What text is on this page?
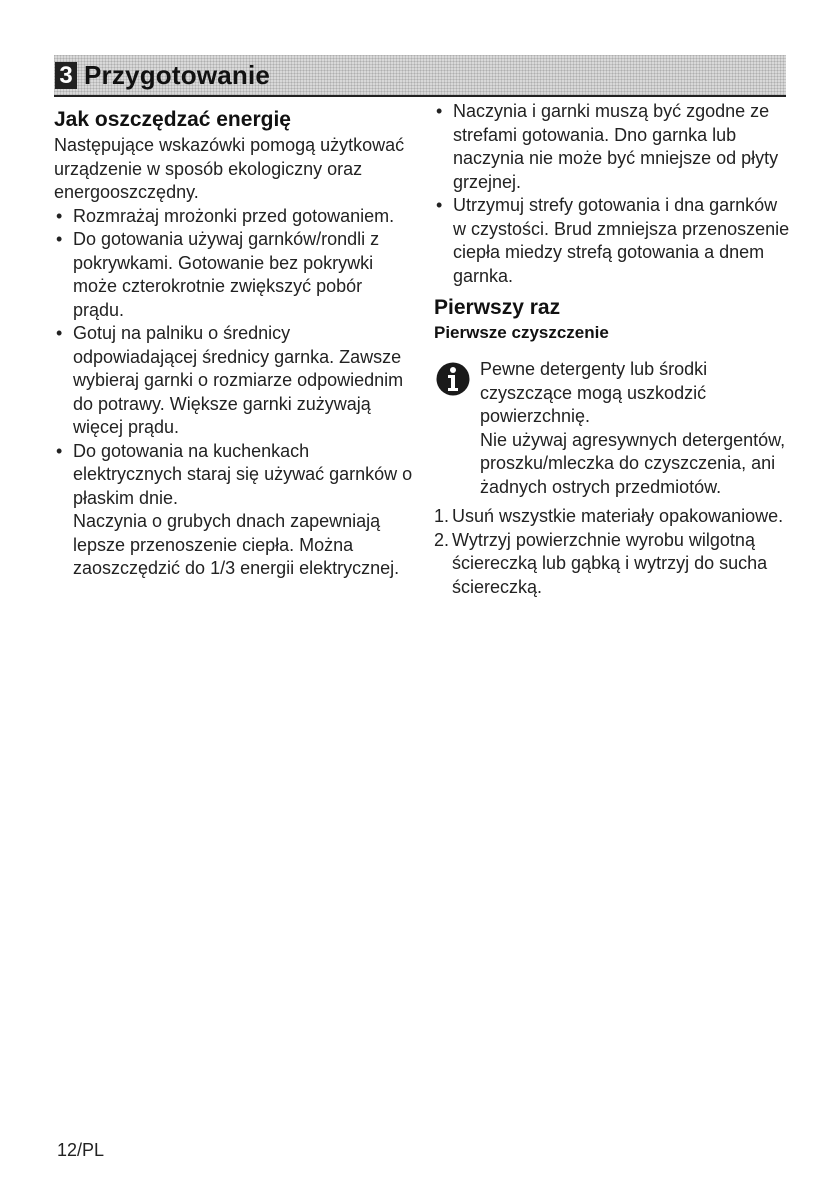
3 Przygotowanie
Jak oszczędzać energię

Następujące wskazówki pomogą użytkować urządzenie w sposób ekologiczny oraz energooszczędny.

• Rozmrażaj mrożonki przed gotowaniem.
• Do gotowania używaj garnków/rondli z pokrywkami. Gotowanie bez pokrywki może czterokrotnie zwiększyć pobór prądu.
• Gotuj na palniku o średnicy odpowiadającej średnicy garnka. Zawsze wybieraj garnki o rozmiarze odpowiednim do potrawy. Większe garnki zużywają więcej prądu.
• Do gotowania na kuchenkach elektrycznych staraj się używać garnków o płaskim dnie.
Naczynia o grubych dnach zapewniają lepsze przenoszenie ciepła. Można zaoszczędzić do 1/3 energii elektrycznej.
• Naczynia i garnki muszą być zgodne ze strefami gotowania. Dno garnka lub naczynia nie może być mniejsze od płyty grzejnej.
• Utrzymuj strefy gotowania i dna garnków w czystości. Brud zmniejsza przenoszenie ciepła miedzy strefą gotowania a dnem garnka.
Pierwszy raz
Pierwsze czyszczenie

Pewne detergenty lub środki czyszczące mogą uszkodzić powierzchnię.

Nie używaj agresywnych detergentów, proszku/mleczka do czyszczenia, ani żadnych ostrych przedmiotów.

1. Usuń wszystkie materiały opakowaniowe.
2. Wytrzyj powierzchnie wyrobu wilgotną ściereczką lub gąbką i wytrzyj do sucha ściereczką.
12/PL
